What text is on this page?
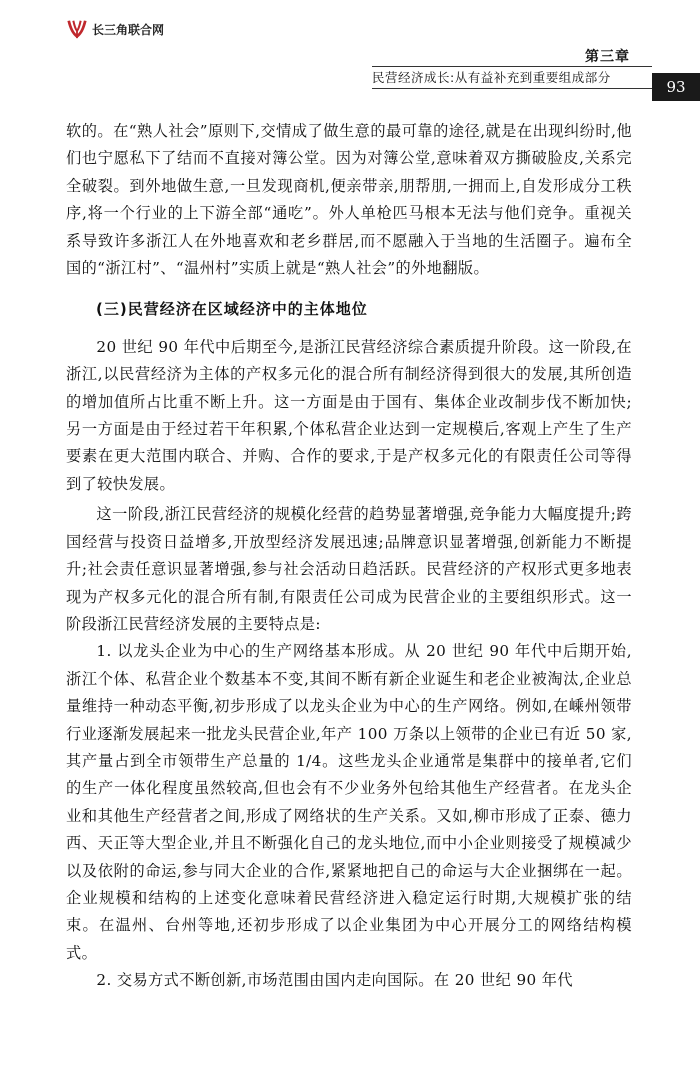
长三角联合网
第三章
民营经济成长:从有益补充到重要组成部分
93

软的。在“熟人社会”原则下,交情成了做生意的最可靠的途径,就是在出现纠纷时,他们也宁愿私下了结而不直接对簿公堂。因为对簿公堂,意味着双方撕破脸皮,关系完全破裂。到外地做生意,一旦发现商机,便亲带亲,朋帮朋,一拥而上,自发形成分工秩序,将一个行业的上下游全部“通吃”。外人单枪匹马根本无法与他们竞争。重视关系导致许多浙江人在外地喜欢和老乡群居,而不愿融入于当地的生活圈子。遍布全国的“浙江村”、“温州村”实质上就是“熟人社会”的外地翻版。

(三)民营经济在区域经济中的主体地位

20 世纪 90 年代中后期至今,是浙江民营经济综合素质提升阶段。这一阶段,在浙江,以民营经济为主体的产权多元化的混合所有制经济得到很大的发展,其所创造的增加值所占比重不断上升。这一方面是由于国有、集体企业改制步伐不断加快;另一方面是由于经过若干年积累,个体私营企业达到一定规模后,客观上产生了生产要素在更大范围内联合、并购、合作的要求,于是产权多元化的有限责任公司等得到了较快发展。

这一阶段,浙江民营经济的规模化经营的趋势显著增强,竞争能力大幅度提升;跨国经营与投资日益增多,开放型经济发展迅速;品牌意识显著增强,创新能力不断提升;社会责任意识显著增强,参与社会活动日趋活跃。民营经济的产权形式更多地表现为产权多元化的混合所有制,有限责任公司成为民营企业的主要组织形式。这一阶段浙江民营经济发展的主要特点是:

1. 以龙头企业为中心的生产网络基本形成。从 20 世纪 90 年代中后期开始,浙江个体、私营企业个数基本不变,其间不断有新企业诞生和老企业被淘汰,企业总量维持一种动态平衡,初步形成了以龙头企业为中心的生产网络。例如,在嵊州领带行业逐渐发展起来一批龙头民营企业,年产 100 万条以上领带的企业已有近 50 家,其产量占到全市领带生产总量的 1/4。这些龙头企业通常是集群中的接单者,它们的生产一体化程度虽然较高,但也会有不少业务外包给其他生产经营者。在龙头企业和其他生产经营者之间,形成了网络状的生产关系。又如,柳市形成了正泰、德力西、天正等大型企业,并且不断强化自己的龙头地位,而中小企业则接受了规模减少以及依附的命运,参与同大企业的合作,紧紧地把自己的命运与大企业捆绑在一起。企业规模和结构的上述变化意味着民营经济进入稳定运行时期,大规模扩张的结束。在温州、台州等地,还初步形成了以企业集团为中心开展分工的网络结构模式。

2. 交易方式不断创新,市场范围由国内走向国际。在 20 世纪 90 年代
